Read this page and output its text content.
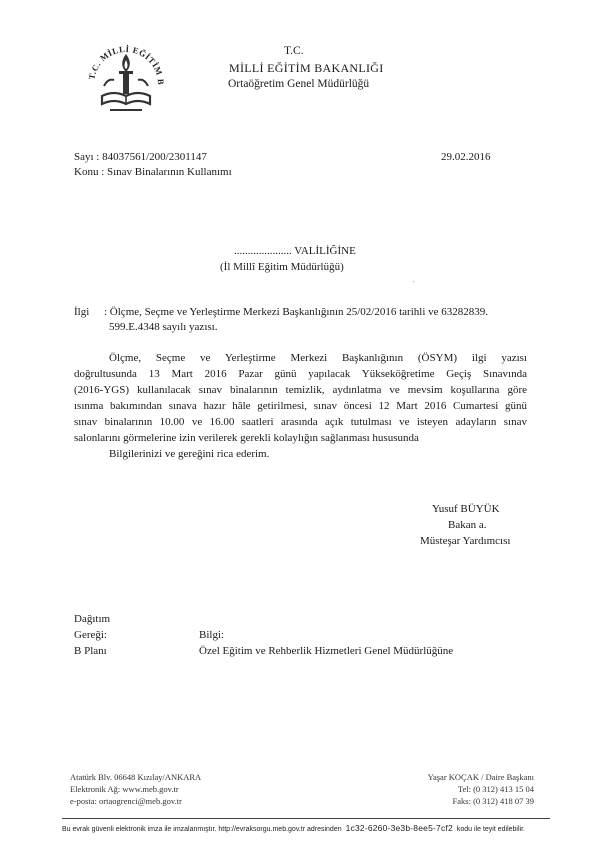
T.C. MİLLİ EĞİTİM B
T.C.
MİLLİ EĞİTİM BAKANLIĞI
Ortaöğretim Genel Müdürlüğü
Sayı : 84037561/200/2301147	29.02.2016
Konu : Sınav Binalarının Kullanımı
..................... VALİLİĞİNE
(İl Millî Eğitim Müdürlüğü)
´
İlgi : Ölçme, Seçme ve Yerleştirme Merkezi Başkanlığının 25/02/2016 tarihli ve 63282839.
599.E.4348 sayılı yazısı.
Ölçme, Seçme ve Yerleştirme Merkezi Başkanlığının (ÖSYM) ilgi yazısı
doğrultusunda 13 Mart 2016 Pazar günü yapılacak Yükseköğretime Geçiş Sınavında
(2016-YGS) kullanılacak sınav binalarının temizlik, aydınlatma ve mevsim koşullarına göre
ısınma bakımından sınava hazır hâle getirilmesi, sınav öncesi 12 Mart 2016 Cumartesi günü
sınav binalarının 10.00 ve 16.00 saatleri arasında açık tutulması ve isteyen adayların sınav
salonlarını görmelerine izin verilerek gerekli kolaylığın sağlanması hususunda
Bilgilerinizi ve gereğini rica ederim.
Yusuf BÜYÜK
Bakan a.
Müsteşar Yardımcısı
Dağıtım
Gereği:	Bilgi:
B Planı	Özel Eğitim ve Rehberlik Hizmetleri Genel Müdürlüğüne
Atatürk Blv. 06648 Kızılay/ANKARA
Elektronik Ağ: www.meb.gov.tr
e-posta: ortaogrenci@meb.gov.tr
Yaşar KOÇAK / Daire Başkanı
Tel: (0 312) 413 15 04
Faks: (0 312) 418 07 39
Bu evrak güvenli elektronik imza ile imzalanmıştır. http://evraksorgu.meb.gov.tr adresinden 1c32-6260-3e3b-8ee5-7cf2 kodu ile teyit edilebilir.
